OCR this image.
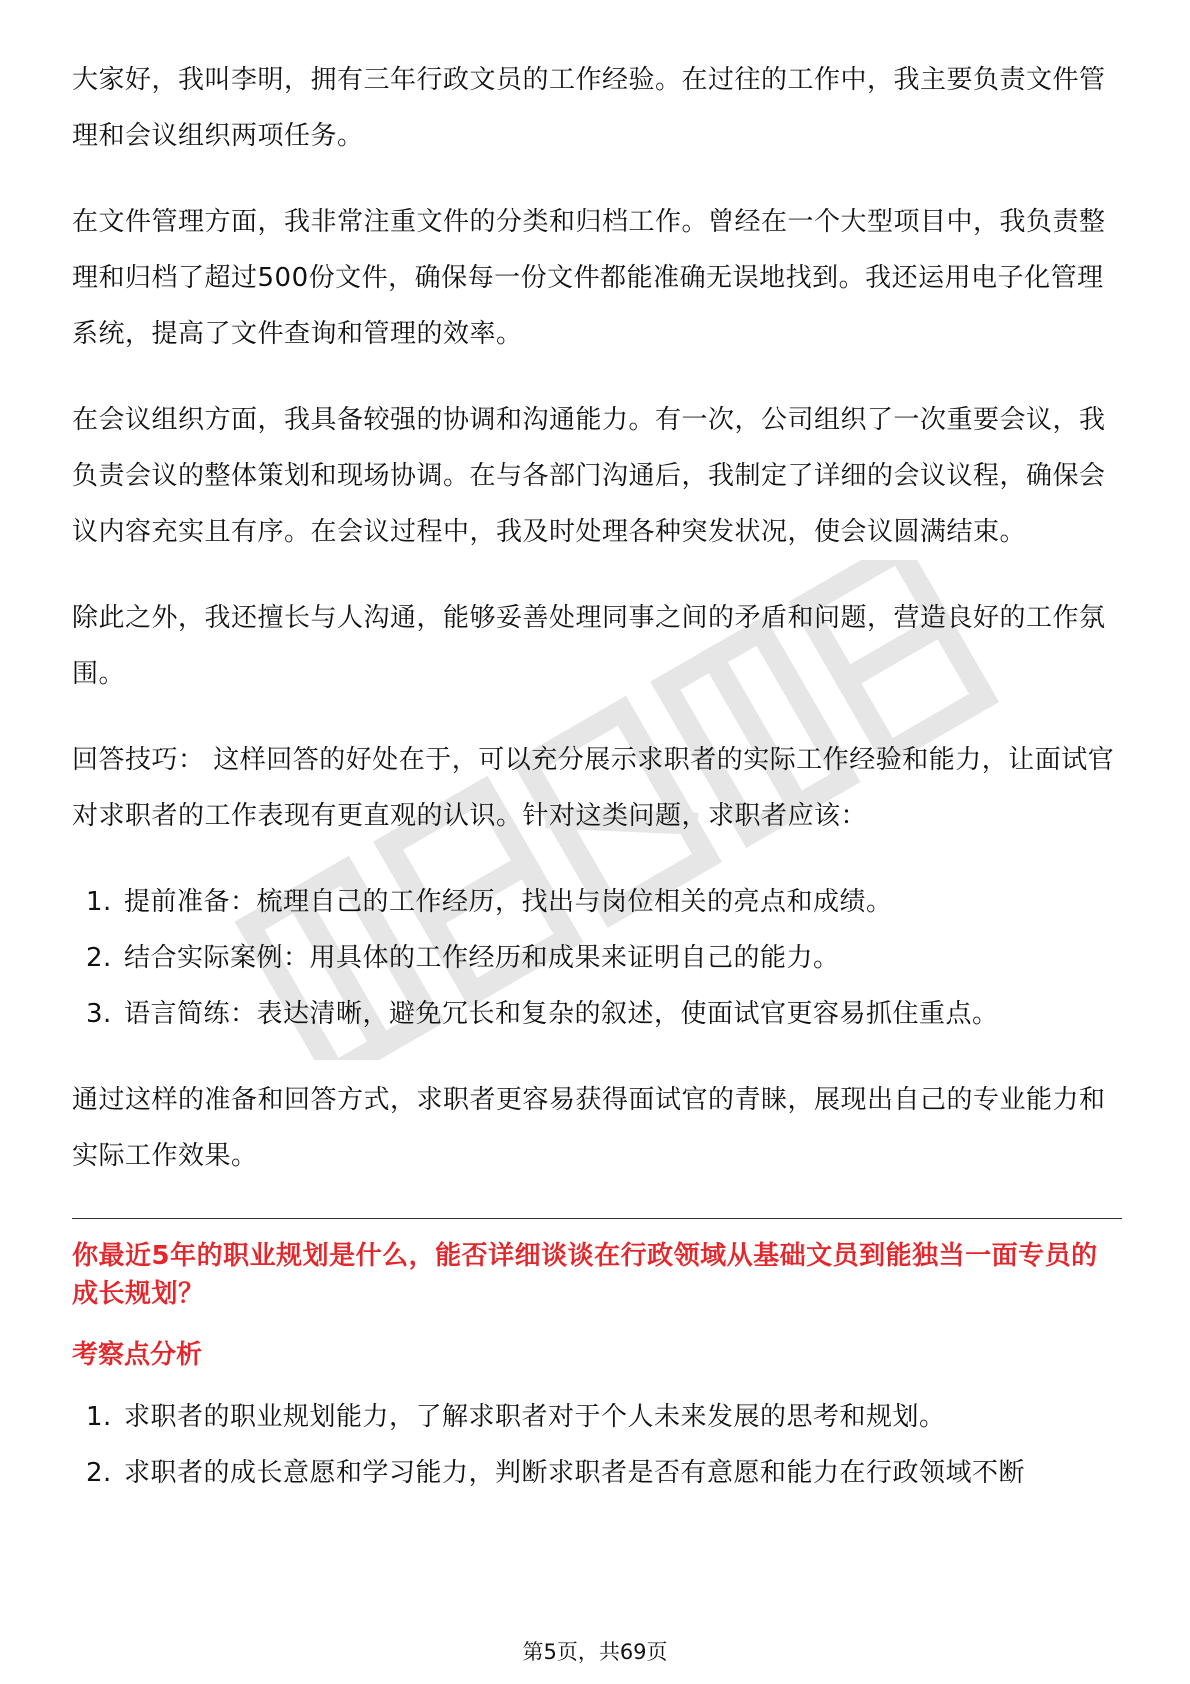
大家好，我叫李明，拥有三年行政文员的工作经验。在过往的工作中，我主要负责文件管理和会议组织两项任务。

在文件管理方面，我非常注重文件的分类和归档工作。曾经在一个大型项目中，我负责整理和归档了超过500份文件，确保每一份文件都能准确无误地找到。我还运用电子化管理系统，提高了文件查询和管理的效率。

在会议组织方面，我具备较强的协调和沟通能力。有一次，公司组织了一次重要会议，我负责会议的整体策划和现场协调。在与各部门沟通后，我制定了详细的会议议程，确保会议内容充实且有序。在会议过程中，我及时处理各种突发状况，使会议圆满结束。

除此之外，我还擅长与人沟通，能够妥善处理同事之间的矛盾和问题，营造良好的工作氛围。

回答技巧： 这样回答的好处在于，可以充分展示求职者的实际工作经验和能力，让面试官对求职者的工作表现有更直观的认识。针对这类问题，求职者应该：

1. 提前准备：梳理自己的工作经历，找出与岗位相关的亮点和成绩。
2. 结合实际案例：用具体的工作经历和成果来证明自己的能力。
3. 语言简练：表达清晰，避免冗长和复杂的叙述，使面试官更容易抓住重点。

通过这样的准备和回答方式，求职者更容易获得面试官的青睐，展现出自己的专业能力和实际工作效果。

你最近5年的职业规划是什么，能否详细谈谈在行政领域从基础文员到能独当一面专员的成长规划？

考察点分析
1. 求职者的职业规划能力，了解求职者对于个人未来发展的思考和规划。
2. 求职者的成长意愿和学习能力，判断求职者是否有意愿和能力在行政领域不断
第5页，共69页
